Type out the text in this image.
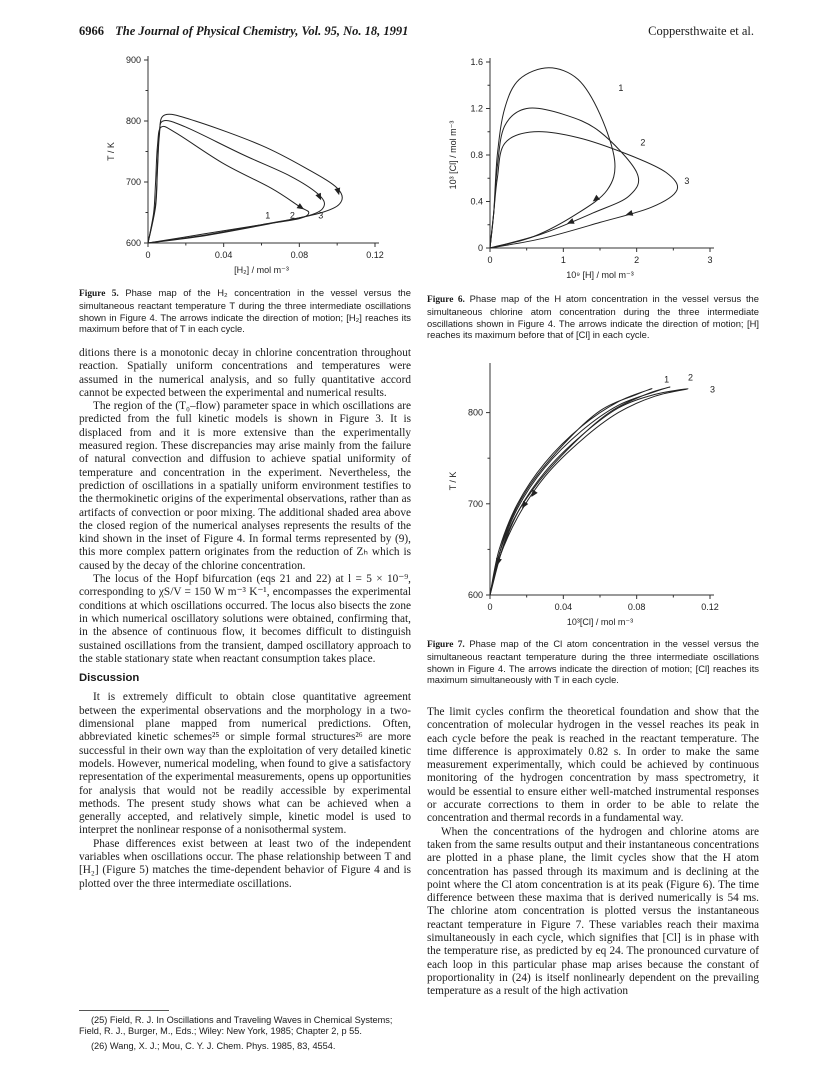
6966 The Journal of Physical Chemistry, Vol. 95, No. 18, 1991	Coppersthwaite et al.
0	0.04	0.08	0.12
600
700
800
900
[H₂] / mol m⁻³
T / K
1 2	3
Figure 5. Phase map of the H₂ concentration in the vessel versus the simultaneous reactant temperature T during the three intermediate oscillations shown in Figure 4. The arrows indicate the direction of motion; [H₂] reaches its maximum before that of T in each cycle.
0	1	2	3
0
0.4
0.8
1.2
1.6
10⁹ [H] / mol m⁻³
10³ [Cl] / mol m⁻³
1
2
3
Figure 6. Phase map of the H atom concentration in the vessel versus the simultaneous chlorine atom concentration during the three intermediate oscillations shown in Figure 4. The arrows indicate the direction of motion; [H] reaches its maximum before that of [Cl] in each cycle.
0	0.04	0.08	0.12
600
700
800
10³[Cl] / mol m⁻³
T / K
1 2
3
Figure 7. Phase map of the Cl atom concentration in the vessel versus the simultaneous reactant temperature during the three intermediate oscillations shown in Figure 4. The arrows indicate the direction of motion; [Cl] reaches its maximum simultaneously with T in each cycle.

ditions there is a monotonic decay in chlorine concentration throughout reaction. Spatially uniform concentrations and temperatures were assumed in the numerical analysis, and so fully quantitative accord cannot be expected between the experimental and numerical results.

The region of the (T₀–flow) parameter space in which oscillations are predicted from the full kinetic models is shown in Figure 3. It is displaced from and it is more extensive than the experimentally measured region. These discrepancies may arise mainly from the failure of natural convection and diffusion to achieve spatial uniformity of temperature and concentration in the experiment. Nevertheless, the prediction of oscillations in a spatially uniform environment testifies to the thermokinetic origins of the experimental observations, rather than as artifacts of convection or poor mixing. The additional shaded area above the closed region of the numerical analyses represents the results of the kind shown in the inset of Figure 4. In formal terms represented by (9), this more complex pattern originates from the reduction of Zₕ which is caused by the decay of the chlorine concentration.

The locus of the Hopf bifurcation (eqs 21 and 22) at l = 5 × 10⁻⁹, corresponding to χS/V = 150 W m⁻³ K⁻¹, encompasses the experimental conditions at which oscillations occurred. The locus also bisects the zone in which numerical oscillatory solutions were obtained, confirming that, in the absence of continuous flow, it becomes difficult to distinguish sustained oscillations from the transient, damped oscillatory approach to the stable stationary state when reactant consumption takes place.

Discussion

It is extremely difficult to obtain close quantitative agreement between the experimental observations and the morphology in a two-dimensional plane mapped from numerical predictions. Often, abbreviated kinetic schemes²⁵ or simple formal structures²⁶ are more successful in their own way than the exploitation of very detailed kinetic models. However, numerical modeling, when found to give a satisfactory representation of the experimental measurements, opens up opportunities for analysis that would not be readily accessible by experimental methods. The present study shows what can be achieved when a generally accepted, and relatively simple, kinetic model is used to interpret the nonlinear response of a nonisothermal system.

Phase differences exist between at least two of the independent variables when oscillations occur. The phase relationship between T and [H₂] (Figure 5) matches the time-dependent behavior of Figure 4 and is plotted over the three intermediate oscillations.

(25) Field, R. J. In Oscillations and Traveling Waves in Chemical Systems; Field, R. J., Burger, M., Eds.; Wiley: New York, 1985; Chapter 2, p 55.

(26) Wang, X. J.; Mou, C. Y. J. Chem. Phys. 1985, 83, 4554.

The limit cycles confirm the theoretical foundation and show that the concentration of molecular hydrogen in the vessel reaches its peak in each cycle before the peak is reached in the reactant temperature. The time difference is approximately 0.82 s. In order to make the same measurement experimentally, which could be achieved by continuous monitoring of the hydrogen concentration by mass spectrometry, it would be essential to ensure either well-matched instrumental responses or accurate corrections to them in order to be able to relate the concentration and thermal records in a fundamental way.

When the concentrations of the hydrogen and chlorine atoms are taken from the same results output and their instantaneous concentrations are plotted in a phase plane, the limit cycles show that the H atom concentration has passed through its maximum and is declining at the point where the Cl atom concentration is at its peak (Figure 6). The time difference between these maxima that is derived numerically is 54 ms. The chlorine atom concentration is plotted versus the instantaneous reactant temperature in Figure 7. These variables reach their maxima simultaneously in each cycle, which signifies that [Cl] is in phase with the temperature rise, as predicted by eq 24. The pronounced curvature of each loop in this particular phase map arises because the constant of proportionality in (24) is itself nonlinearly dependent on the prevailing temperature as a result of the high activation
